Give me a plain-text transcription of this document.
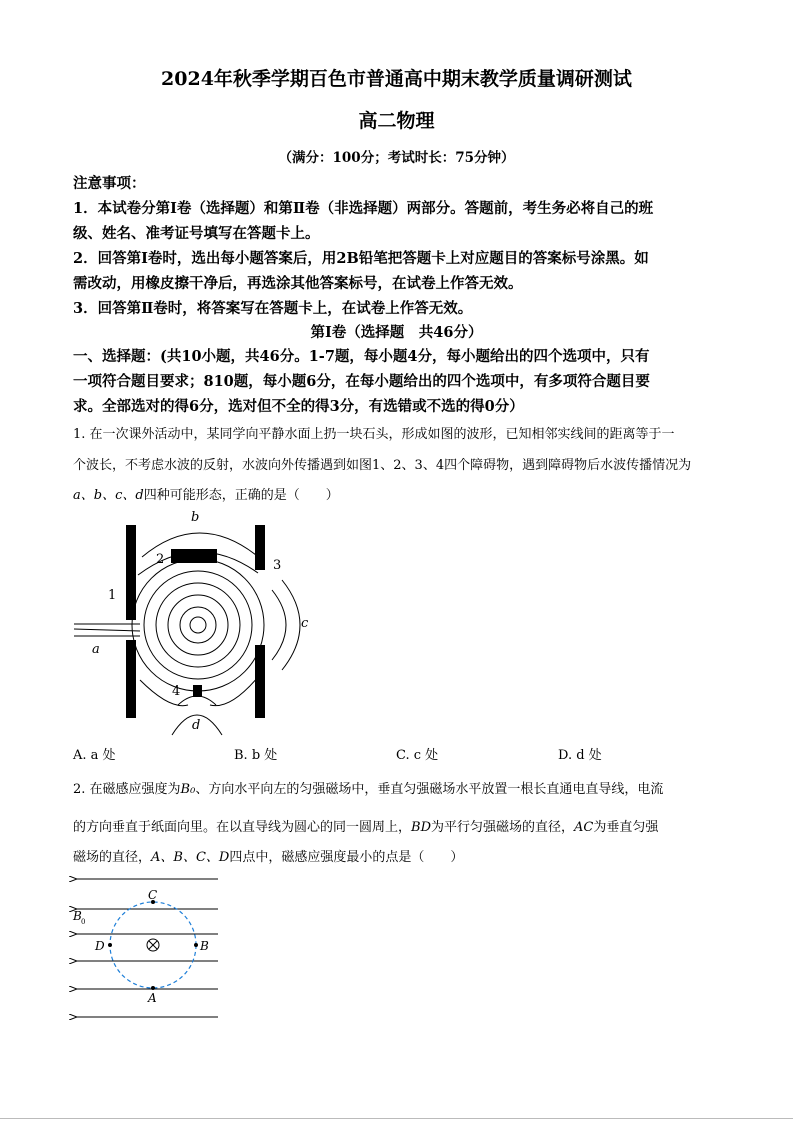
2024年秋季学期百色市普通高中期末教学质量调研测试
高二物理
（满分：100分；考试时长：75分钟）
注意事项：
1．本试卷分第Ⅰ卷（选择题）和第Ⅱ卷（非选择题）两部分。答题前，考生务必将自己的班
级、姓名、准考证号填写在答题卡上。
2．回答第Ⅰ卷时，选出每小题答案后，用2B铅笔把答题卡上对应题目的答案标号涂黑。如
需改动，用橡皮擦干净后，再选涂其他答案标号，在试卷上作答无效。
3．回答第Ⅱ卷时，将答案写在答题卡上，在试卷上作答无效。
第Ⅰ卷（选择题　共46分）
一、选择题：(共10小题，共46分。1-7题，每小题4分，每小题给出的四个选项中，只有
一项符合题目要求；810题，每小题6分，在每小题给出的四个选项中，有多项符合题目要
求。全部选对的得6分，选对但不全的得3分，有选错或不选的得0分）
1. 在一次课外活动中，某同学向平静水面上扔一块石头，形成如图的波形，已知相邻实线间的距离等于一
个波长，不考虑水波的反射，水波向外传播遇到如图1、2、3、4四个障碍物，遇到障碍物后水波传播情况为
a、b、c、d四种可能形态，正确的是（　　）
2
1
3
4
b
a
c
d
A. a 处	B. b 处	C. c 处	D. d 处
2. 在磁感应强度为B₀、方向水平向左的匀强磁场中，垂直匀强磁场水平放置一根长直通电直导线，电流
的方向垂直于纸面向里。在以直导线为圆心的同一圆周上，BD为平行匀强磁场的直径，AC为垂直匀强
磁场的直径，A、B、C、D四点中，磁感应强度最小的点是（　　）
C
A
B
D
B 0
